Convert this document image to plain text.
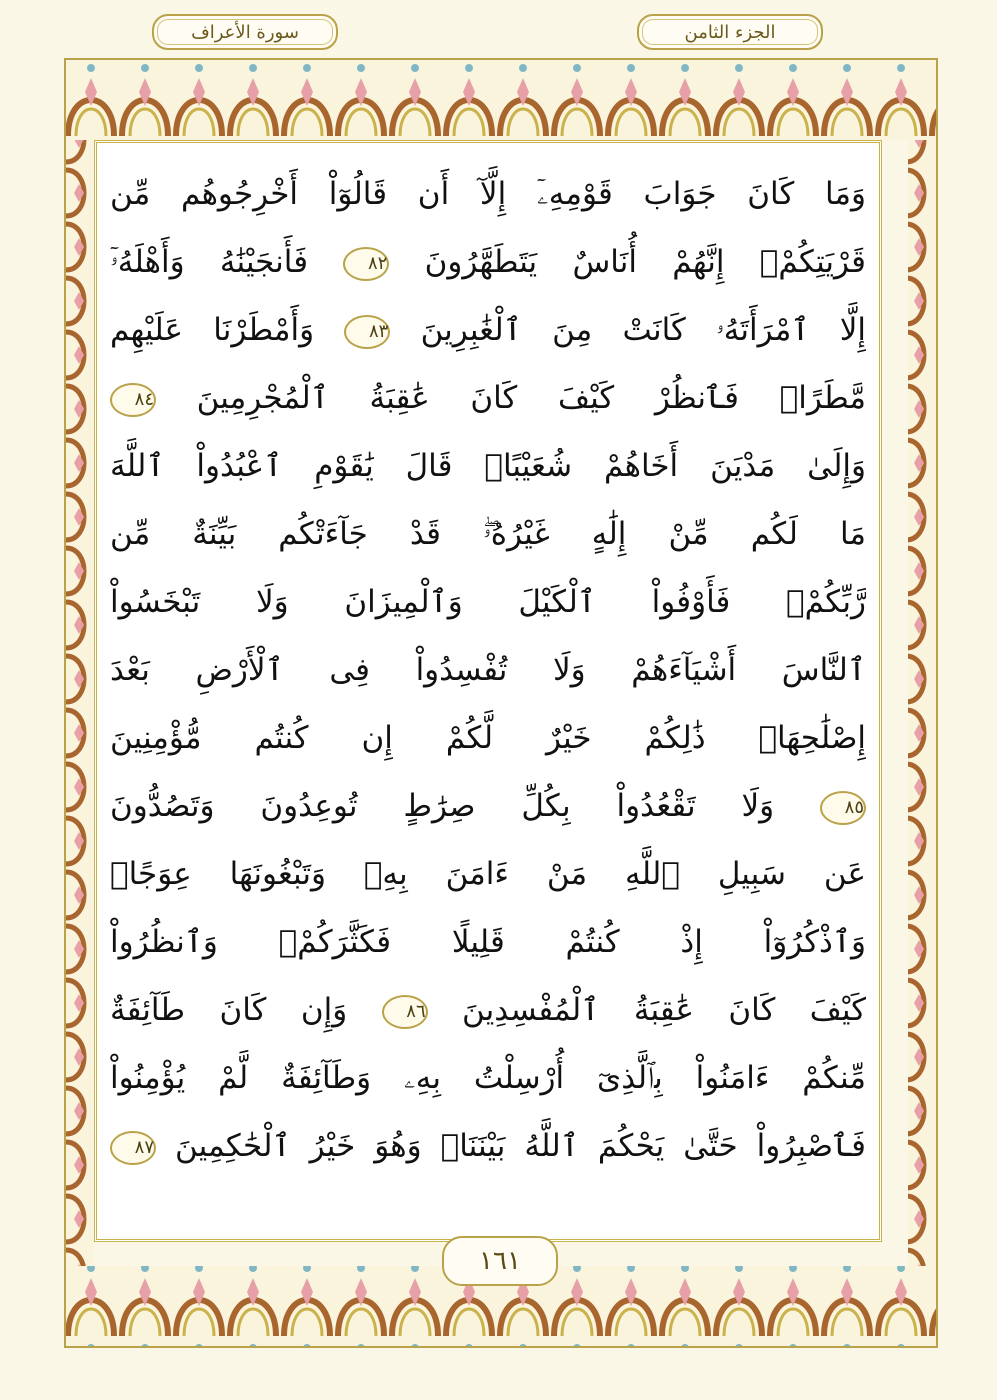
سورة الأعراف	الجزء الثامن
وَمَا كَانَ جَوَابَ قَوْمِهِۦٓ إِلَّآ أَن قَالُوٓاْ أَخْرِجُوهُم مِّن
قَرْيَتِكُمْۖ إِنَّهُمْ أُنَاسٌ يَتَطَهَّرُونَ ٨٢ فَأَنجَيْنَٰهُ وَأَهْلَهُۥٓ
إِلَّا ٱمْرَأَتَهُۥ كَانَتْ مِنَ ٱلْغَٰبِرِينَ ٨٣ وَأَمْطَرْنَا عَلَيْهِم
مَّطَرًاۖ فَٱنظُرْ كَيْفَ كَانَ عَٰقِبَةُ ٱلْمُجْرِمِينَ ٨٤
وَإِلَىٰ مَدْيَنَ أَخَاهُمْ شُعَيْبًاۗ قَالَ يَٰقَوْمِ ٱعْبُدُواْ ٱللَّهَ
مَا لَكُم مِّنْ إِلَٰهٍ غَيْرُهُۥۖ قَدْ جَآءَتْكُم بَيِّنَةٌ مِّن
رَّبِّكُمْۖ فَأَوْفُواْ ٱلْكَيْلَ وَٱلْمِيزَانَ وَلَا تَبْخَسُواْ
ٱلنَّاسَ أَشْيَآءَهُمْ وَلَا تُفْسِدُواْ فِى ٱلْأَرْضِ بَعْدَ
إِصْلَٰحِهَاۚ ذَٰلِكُمْ خَيْرٌ لَّكُمْ إِن كُنتُم مُّؤْمِنِينَ
٨٥ وَلَا تَقْعُدُواْ بِكُلِّ صِرَٰطٍ تُوعِدُونَ وَتَصُدُّونَ
عَن سَبِيلِ ٱللَّهِ مَنْ ءَامَنَ بِهِۦ وَتَبْغُونَهَا عِوَجًاۚ
وَٱذْكُرُوٓاْ إِذْ كُنتُمْ قَلِيلًا فَكَثَّرَكُمْۖ وَٱنظُرُواْ
كَيْفَ كَانَ عَٰقِبَةُ ٱلْمُفْسِدِينَ ٨٦ وَإِن كَانَ طَآئِفَةٌ
مِّنكُمْ ءَامَنُواْ بِٱلَّذِىٓ أُرْسِلْتُ بِهِۦ وَطَآئِفَةٌ لَّمْ يُؤْمِنُواْ
فَٱصْبِرُواْ حَتَّىٰ يَحْكُمَ ٱللَّهُ بَيْنَنَاۚ وَهُوَ خَيْرُ ٱلْحَٰكِمِينَ ٨٧
١٦١
